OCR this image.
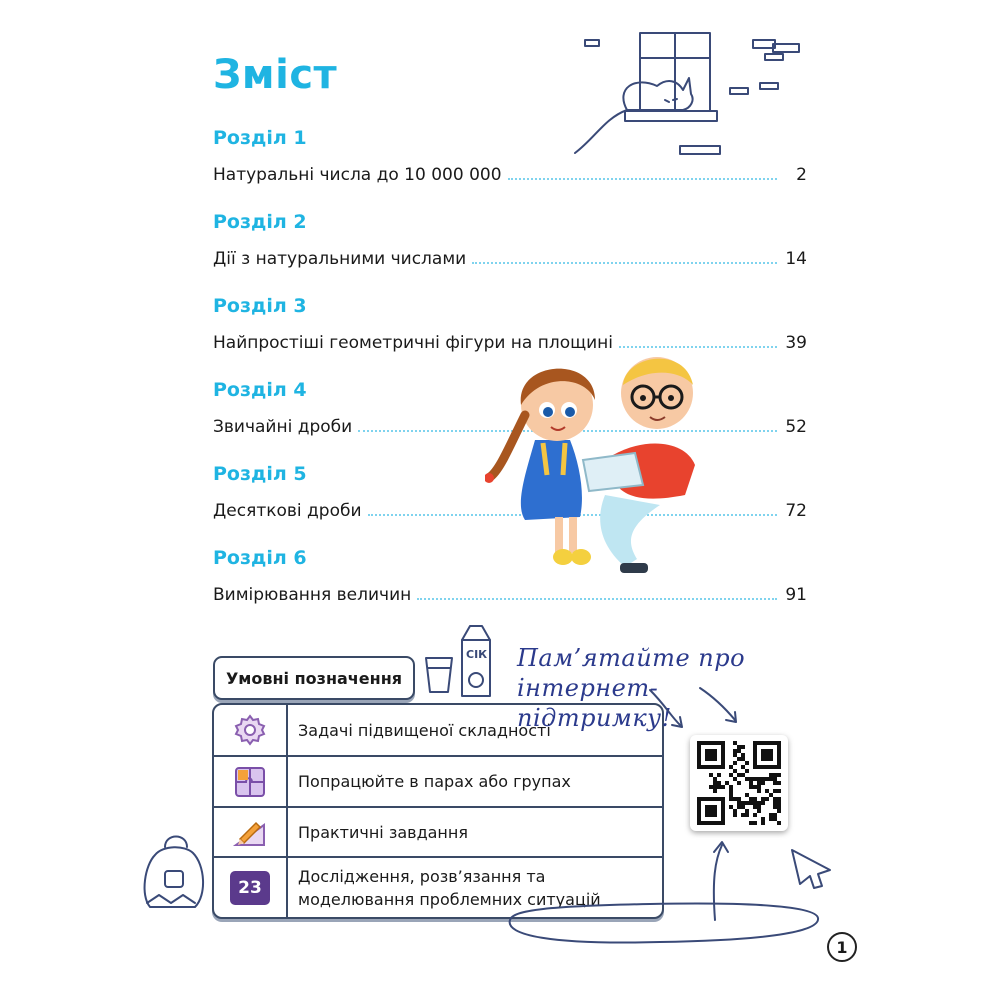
Зміст
Розділ 1
Натуральні числа до 10 000 000	2
Розділ 2
Дії з натуральними числами	14
Розділ 3
Найпростіші геометричні фігури на площині	39
Розділ 4
Звичайні дроби	52
Розділ 5
Десяткові дроби	72
Розділ 6
Вимірювання величин	91
СІК
Умовні позначення
Задачі підвищеної складності
Попрацюйте в парах або групах
Практичні завдання
23
Дослідження, розв’язання та
моделювання проблемних ситуацій
Пам’ятайте про інтернет-
підтримку!
1
